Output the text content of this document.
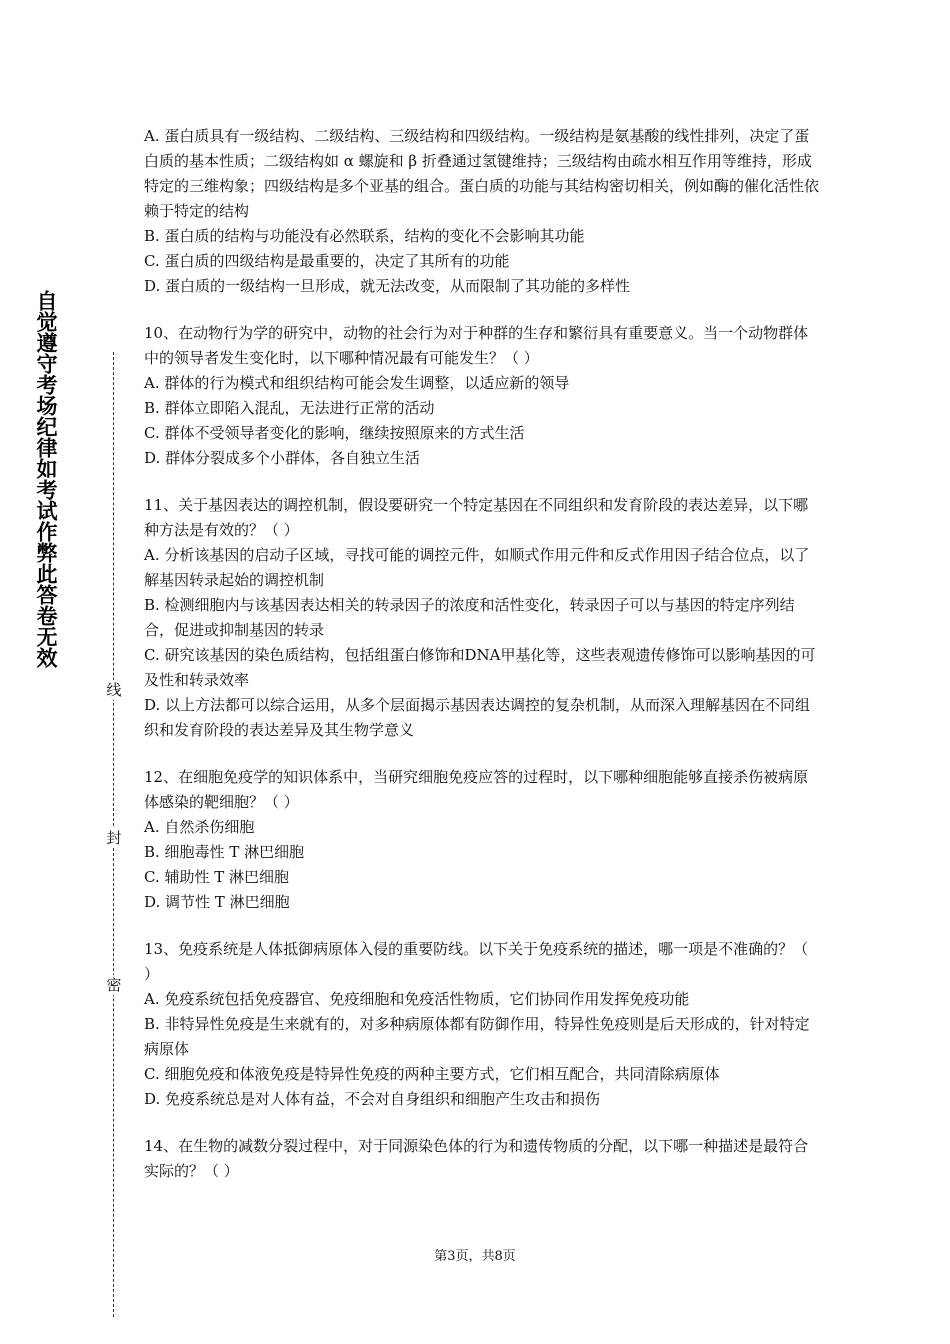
自觉遵守考场纪律如考试作弊此答卷无效
线
封
密

A. 蛋白质具有一级结构、二级结构、三级结构和四级结构。一级结构是氨基酸的线性排列，决定了蛋白质的基本性质；二级结构如 α 螺旋和 β 折叠通过氢键维持；三级结构由疏水相互作用等维持，形成特定的三维构象；四级结构是多个亚基的组合。蛋白质的功能与其结构密切相关，例如酶的催化活性依赖于特定的结构

B. 蛋白质的结构与功能没有必然联系，结构的变化不会影响其功能

C. 蛋白质的四级结构是最重要的，决定了其所有的功能

D. 蛋白质的一级结构一旦形成，就无法改变，从而限制了其功能的多样性

10、在动物行为学的研究中，动物的社会行为对于种群的生存和繁衍具有重要意义。当一个动物群体中的领导者发生变化时，以下哪种情况最有可能发生？（ ）

A. 群体的行为模式和组织结构可能会发生调整，以适应新的领导

B. 群体立即陷入混乱，无法进行正常的活动

C. 群体不受领导者变化的影响，继续按照原来的方式生活

D. 群体分裂成多个小群体，各自独立生活

11、关于基因表达的调控机制，假设要研究一个特定基因在不同组织和发育阶段的表达差异，以下哪种方法是有效的？（ ）

A. 分析该基因的启动子区域，寻找可能的调控元件，如顺式作用元件和反式作用因子结合位点，以了解基因转录起始的调控机制

B. 检测细胞内与该基因表达相关的转录因子的浓度和活性变化，转录因子可以与基因的特定序列结合，促进或抑制基因的转录

C. 研究该基因的染色质结构，包括组蛋白修饰和DNA甲基化等，这些表观遗传修饰可以影响基因的可及性和转录效率

D. 以上方法都可以综合运用，从多个层面揭示基因表达调控的复杂机制，从而深入理解基因在不同组织和发育阶段的表达差异及其生物学意义

12、在细胞免疫学的知识体系中，当研究细胞免疫应答的过程时，以下哪种细胞能够直接杀伤被病原体感染的靶细胞？（ ）

A. 自然杀伤细胞

B. 细胞毒性 T 淋巴细胞

C. 辅助性 T 淋巴细胞

D. 调节性 T 淋巴细胞

13、免疫系统是人体抵御病原体入侵的重要防线。以下关于免疫系统的描述，哪一项是不准确的？（ ）

A. 免疫系统包括免疫器官、免疫细胞和免疫活性物质，它们协同作用发挥免疫功能

B. 非特异性免疫是生来就有的，对多种病原体都有防御作用，特异性免疫则是后天形成的，针对特定病原体

C. 细胞免疫和体液免疫是特异性免疫的两种主要方式，它们相互配合，共同清除病原体

D. 免疫系统总是对人体有益，不会对自身组织和细胞产生攻击和损伤

14、在生物的减数分裂过程中，对于同源染色体的行为和遗传物质的分配，以下哪一种描述是最符合实际的？（ ）

第3页，共8页
